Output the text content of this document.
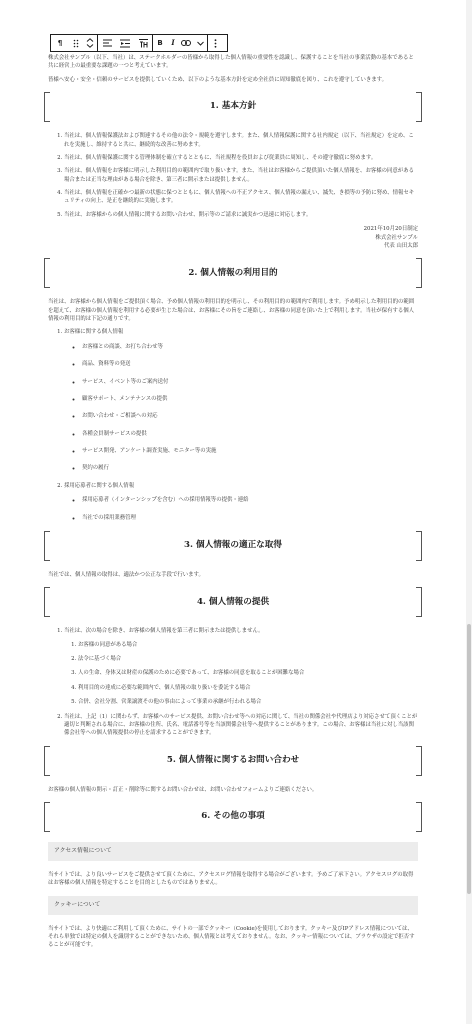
¶	B	I

株式会社サンプル（以下、当社）は、ステークホルダーの皆様から取得した個人情報の重要性を認識し、保護することを当社の事業活動の基本であると共に経営上の最重要な課題の一つと考えています。

皆様へ安心・安全・信頼のサービスを提供していくため、以下のような基本方針を定め全社員に周知徹底を図り、これを遵守していきます。

1. 基本方針
1. 当社は、個人情報保護法および関連するその他の法令・規範を遵守します。また、個人情報保護に関する社内規定（以下、当社規定）を定め、これを実施し、維持すると共に、継続的な改善に努めます。
2. 当社は、個人情報保護に関する管理体制を確立するとともに、当社規程を役員および従業員に周知し、その遵守徹底に努めます。
3. 当社は、個人情報をお客様に明示した利用目的の範囲内で取り扱います。また、当社はお客様からご提供頂いた個人情報を、お客様の同意がある場合または正当な理由がある場合を除き、第三者に開示または提供しません。
4. 当社は、個人情報を正確かつ最新の状態に保つとともに、個人情報への不正アクセス、個人情報の漏えい、滅失、き損等の予防に努め、情報セキュリティの向上、是正を継続的に実施します。
5. 当社は、お客様からの個人情報に関するお問い合わせ、開示等のご請求に誠実かつ迅速に対応します。
2021年10月20日制定
株式会社サンプル
代表 山田太郎
2. 個人情報の利用目的

当社は、お客様から個人情報をご提供頂く場合、予め個人情報の利用目的を明示し、その利用目的の範囲内で利用します。予め明示した利用目的の範囲を超えて、お客様の個人情報を利用する必要が生じた場合は、お客様にその旨をご連絡し、お客様の同意を頂いた上で利用します。当社が保有する個人情報の利用目的は下記の通りです。

1. お客様に関する個人情報
◦ お客様との商談、お打ち合わせ等
◦ 商品、資料等の発送
◦ サービス、イベント等のご案内送付
◦ 顧客サポート、メンテナンスの提供
◦ お問い合わせ・ご相談への対応
◦ 各種会員制サービスの提供
◦ サービス開発、アンケート調査実施、モニター等の実施
◦ 契約の履行
2. 採用応募者に関する個人情報
◦ 採用応募者（インターンシップを含む）への採用情報等の提供・連絡
◦ 当社での採用業務管理
3. 個人情報の適正な取得

当社では、個人情報の取得は、適法かつ公正な手段で行います。

4. 個人情報の提供
1. 当社は、次の場合を除き、お客様の個人情報を第三者に開示または提供しません。
1. お客様の同意がある場合
2. 法令に基づく場合
3. 人の生命、身体又は財産の保護のために必要であって、お客様の同意を取ることが困難な場合
4. 利用目的の達成に必要な範囲内で、個人情報の取り扱いを委託する場合
5. 合併、会社分割、営業譲渡その他の事由によって事業の承継が行われる場合
2. 当社は、上記（1）に関わらず、お客様へのサービス提供、お問い合わせ等への対応に関して、当社の関係会社や代理店より対応させて頂くことが適切と判断される場合に、お客様の住所、氏名、電話番号等を当該関係会社等へ提供することがあります。この場合、お客様は当社に対し当該関係会社等への個人情報提供の停止を請求することができます。
5. 個人情報に関するお問い合わせ

お客様の個人情報の開示・訂正・削除等に関するお問い合わせは、お問い合わせフォームよりご連絡ください。

6. その他の事項
アクセス情報について

当サイトでは、より良いサービスをご提供させて頂くために、アクセスログ情報を取得する場合がございます。予めご了承下さい。アクセスログの取得はお客様の個人情報を特定することを目的としたものではありません。

クッキーについて

当サイトでは、より快適にご利用して頂くために、サイトの一部でクッキー（Cookie)を使用しております。クッキー及びIPアドレス情報については、それら単独では特定の個人を識別することができないため、個人情報とは考えておりません。なお、クッキー情報については、ブラウザの設定で拒否することが可能です。
